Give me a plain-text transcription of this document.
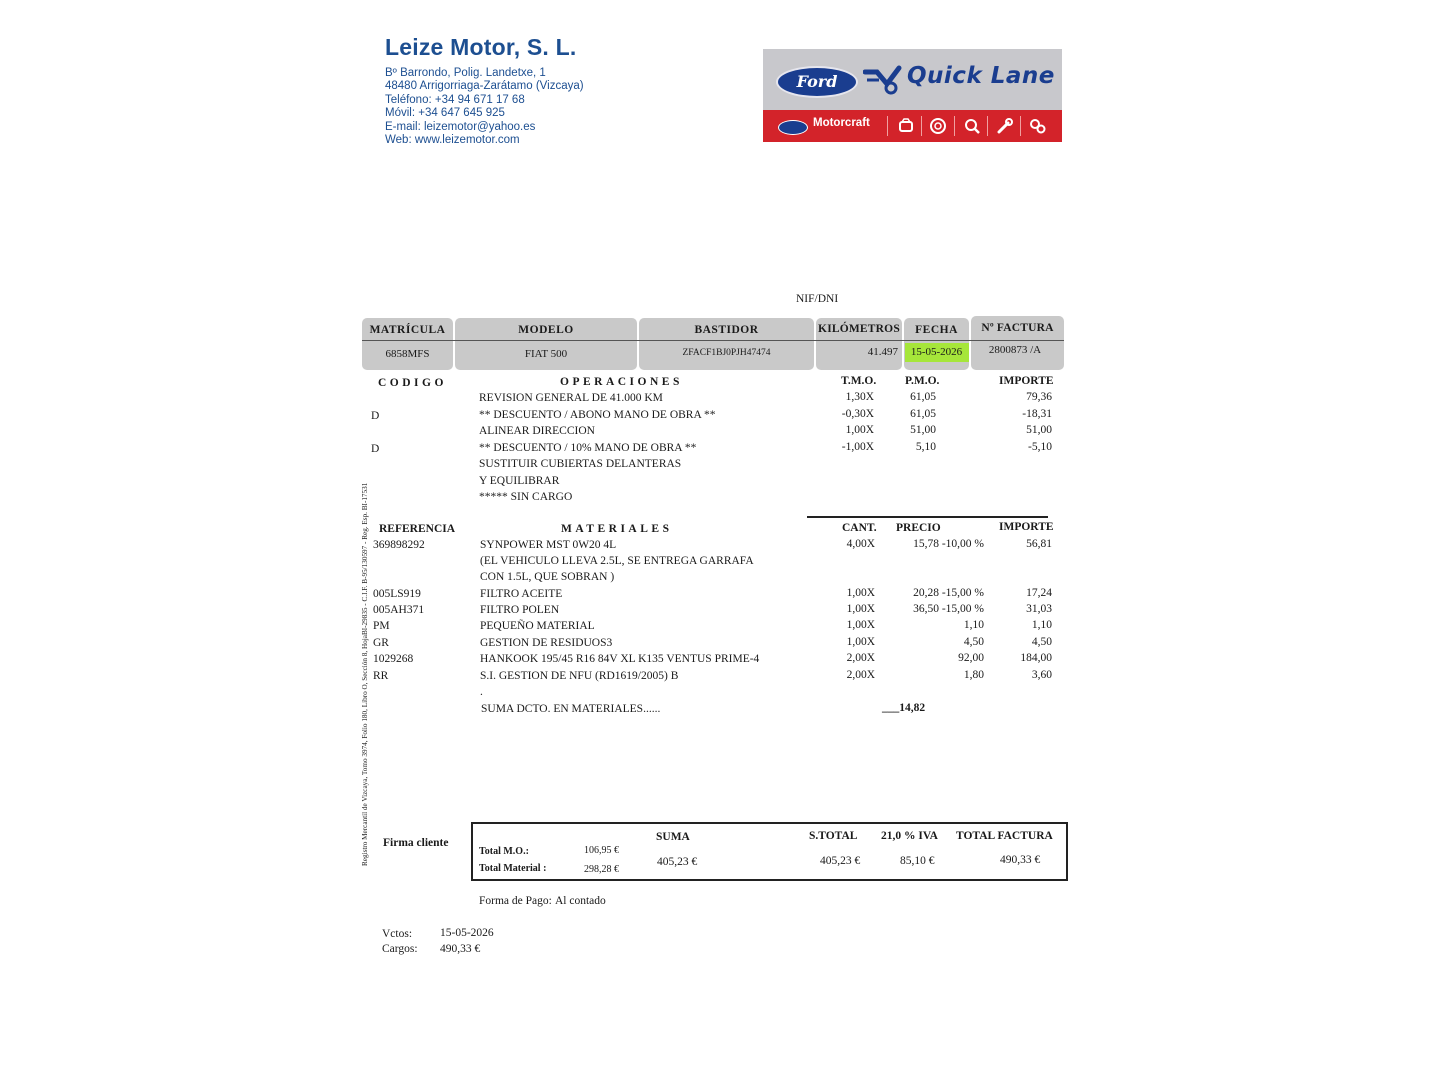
Leize Motor, S. L.
Bº Barrondo, Polig. Landetxe, 1
48480 Arrigorriaga-Zarátamo (Vizcaya)
Teléfono: +34 94 671 17 68
Móvil: +34 647 645 925
E-mail: leizemotor@yahoo.es
Web: www.leizemotor.com
Ford	Quick Lane
Motorcraft
NIF/DNI
MATRÍCULA	MODELO	BASTIDOR	KILÓMETROS	FECHA	Nº FACTURA
6858MFS	FIAT 500	ZFACF1BJ0PJH47474	41.497	15-05-2026	2800873 /A
Registro Mercantil de Vizcaya, Tomo 3974, Folio 180, Libro O, Sección 8, HojaBI-29835 - C.I.F. B-95/130597 - Reg. Esp. BI-17531
CODIGO	OPERACIONES	T.M.O.	P.M.O.	IMPORTE
REVISION GENERAL DE 41.000 KM	1,30X	61,05	79,36
D	** DESCUENTO / ABONO MANO DE OBRA **	-0,30X	61,05	-18,31
ALINEAR DIRECCION	1,00X	51,00	51,00
D	** DESCUENTO / 10% MANO DE OBRA **	-1,00X	5,10	-5,10
SUSTITUIR CUBIERTAS DELANTERAS
Y EQUILIBRAR
***** SIN CARGO
REFERENCIA	MATERIALES	CANT. PRECIO	IMPORTE
369898292	SYNPOWER MST 0W20 4L	4,00X	15,78 -10,00 %	56,81
(EL VEHICULO LLEVA 2.5L, SE ENTREGA GARRAFA
CON 1.5L, QUE SOBRAN )
005LS919	FILTRO ACEITE	1,00X	20,28 -15,00 %	17,24
005AH371	FILTRO POLEN	1,00X	36,50 -15,00 %	31,03
PM	PEQUEÑO MATERIAL	1,00X	1,10	1,10
GR	GESTION DE RESIDUOS3	1,00X	4,50	4,50
1029268	HANKOOK 195/45 R16 84V XL K135 VENTUS PRIME-4	2,00X	92,00	184,00
RR	S.I. GESTION DE NFU (RD1619/2005) B	2,00X	1,80	3,60
.
SUMA DCTO. EN MATERIALES......	___14,82
Firma cliente
Total M.O.:	106,95 €
Total Material :	298,28 €
SUMA
405,23 €
S.TOTAL
405,23 €
21,0 % IVA
85,10 €
TOTAL FACTURA
490,33 €
Forma de Pago: Al contado
Vctos: 15-05-2026
Cargos: 490,33 €
